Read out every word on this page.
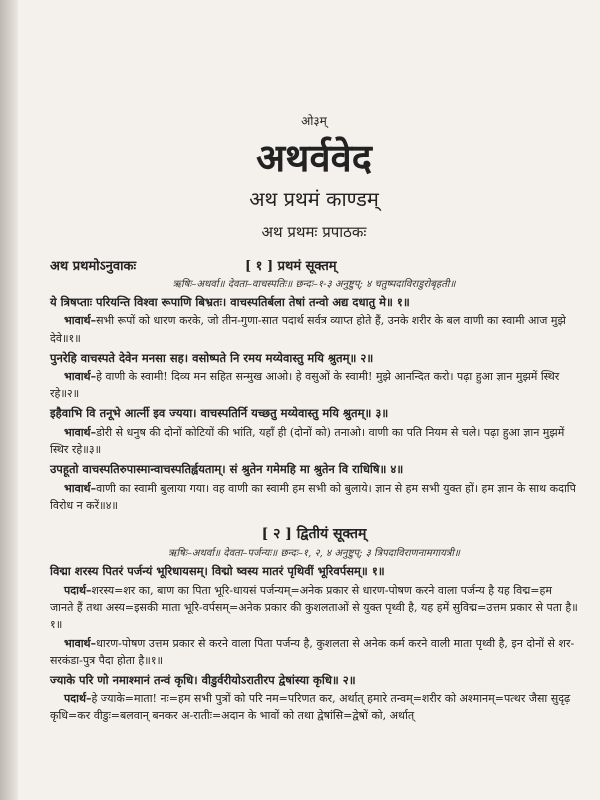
ओ३म्
अथर्ववेद
अथ प्रथमं काण्डम्
अथ प्रथमः प्रपाठकः
अथ प्रथमोऽनुवाकः	[ १ ] प्रथमं सूक्तम्
ऋषिः–अथर्वा॥ देवता–वाचस्पतिः॥ छन्दः–१-३ अनुष्टुप्; ४ चतुष्पदाविराडुरोबृहती॥
ये त्रिषप्ताः परियन्ति विश्वा रूपाणि बिभ्रतः। वाचस्पतिर्बला तेषां तन्वो अद्य दधातु मे॥ १॥
भावार्थ–सभी रूपों को धारण करके, जो तीन-गुणा-सात पदार्थ सर्वत्र व्याप्त होते हैं, उनके शरीर के बल वाणी का स्वामी आज मुझे देवे॥१॥
पुनरेहि वाचस्पते देवेन मनसा सह। वसोष्पते नि रमय मय्येवास्तु मयि श्रुतम्॥ २॥
भावार्थ–हे वाणी के स्वामी! दिव्य मन सहित सन्मुख आओ। हे वसुओं के स्वामी! मुझे आनन्दित करो। पढ़ा हुआ ज्ञान मुझमें स्थिर रहे॥२॥
इहैवाभि वि तनूभे आर्त्नी इव ज्यया। वाचस्पतिर्नि यच्छतु मय्येवास्तु मयि श्रुतम्॥ ३॥
भावार्थ–डोरी से धनुष की दोनों कोटियों की भांति, यहाँ ही (दोनों को) तनाओ। वाणी का पति नियम से चले। पढ़ा हुआ ज्ञान मुझमें स्थिर रहे॥३॥
उपहूतो वाचस्पतिरुपास्मान्वाचस्पतिर्ह्वयताम्। सं श्रुतेन गमेमहि मा श्रुतेन वि राधिषि॥ ४॥
भावार्थ–वाणी का स्वामी बुलाया गया। वह वाणी का स्वामी हम सभी को बुलाये। ज्ञान से हम सभी युक्त हों। हम ज्ञान के साथ कदापि विरोध न करें॥४॥
[ २ ] द्वितीयं सूक्तम्
ऋषिः–अथर्वा॥ देवता–पर्जन्यः॥ छन्दः–१, २, ४ अनुष्टुप्; ३ त्रिपदाविराणनामगायत्री॥
विद्मा शरस्य पितरं पर्जन्यं भूरिधायसम्। विद्मो ष्वस्य मातरं पृथिवीं भूरिवर्पसम्॥ १॥
पदार्थ–शरस्य=शर का, बाण का पिता भूरि-धायसं पर्जन्यम्=अनेक प्रकार से धारण-पोषण करने वाला पर्जन्य है यह विद्म=हम जानते हैं तथा अस्य=इसकी माता भूरि-वर्पसम्=अनेक प्रकार की कुशलताओं से युक्त पृथ्वी है, यह हमें सुविद्म=उत्तम प्रकार से पता है॥१॥
भावार्थ–धारण-पोषण उत्तम प्रकार से करने वाला पिता पर्जन्य है, कुशलता से अनेक कर्म करने वाली माता पृथ्वी है, इन दोनों से शर-सरकंडा-पुत्र पैदा होता है॥१॥
ज्याके परि णो नमाश्मानं तन्वं कृधि। वीडुर्वरीयोऽरातीरप द्वेषांस्या कृधि॥ २॥
पदार्थ–हे ज्याके=माता! नः=हम सभी पुत्रों को परि नम=परिणत कर, अर्थात् हमारे तन्वम्=शरीर को अश्मानम्=पत्थर जैसा सुदृढ़ कृधि=कर वीडुः=बलवान् बनकर अ-रातीः=अदान के भावों को तथा द्वेषांसि=द्वेषों को, अर्थात्
